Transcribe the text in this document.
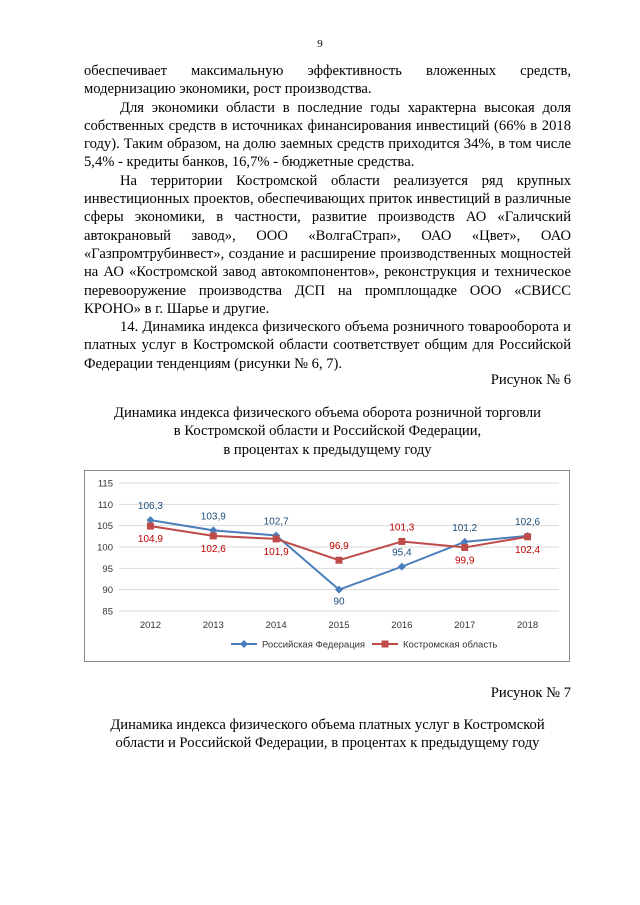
9

обеспечивает максимальную эффективность вложенных средств, модернизацию экономики, рост производства.

Для экономики области в последние годы характерна высокая доля собственных средств в источниках финансирования инвестиций (66% в 2018 году). Таким образом, на долю заемных средств приходится 34%, в том числе 5,4% - кредиты банков, 16,7% - бюджетные средства.

На территории Костромской области реализуется ряд крупных инвестиционных проектов, обеспечивающих приток инвестиций в различные сферы экономики, в частности, развитие производств АО «Галичский автокрановый завод», ООО «ВолгаСтрап», ОАО «Цвет», ОАО «Газпромтрубинвест», создание и расширение производственных мощностей на АО «Костромской завод автокомпонентов», реконструкция и техническое перевооружение производства ДСП на промплощадке ООО «СВИСС КРОНО» в г. Шарье и другие.

14. Динамика индекса физического объема розничного товарооборота и платных услуг в Костромской области соответствует общим для Российской Федерации тенденциям (рисунки № 6, 7).

Рисунок № 6
Динамика индекса физического объема оборота розничной торговли
в Костромской области и Российской Федерации,
в процентах к предыдущему году
85
90
95
100
105
110
115
2012	2013	2014	2015	2016	2017	2018
106,3
103,9	102,7
90
95,4
101,2
102,6
104,9
102,6	101,9
96,9
101,3
99,9
102,4
Российская Федерация	Костромская область
Рисунок № 7
Динамика индекса физического объема платных услуг в Костромской
области и Российской Федерации, в процентах к предыдущему году
